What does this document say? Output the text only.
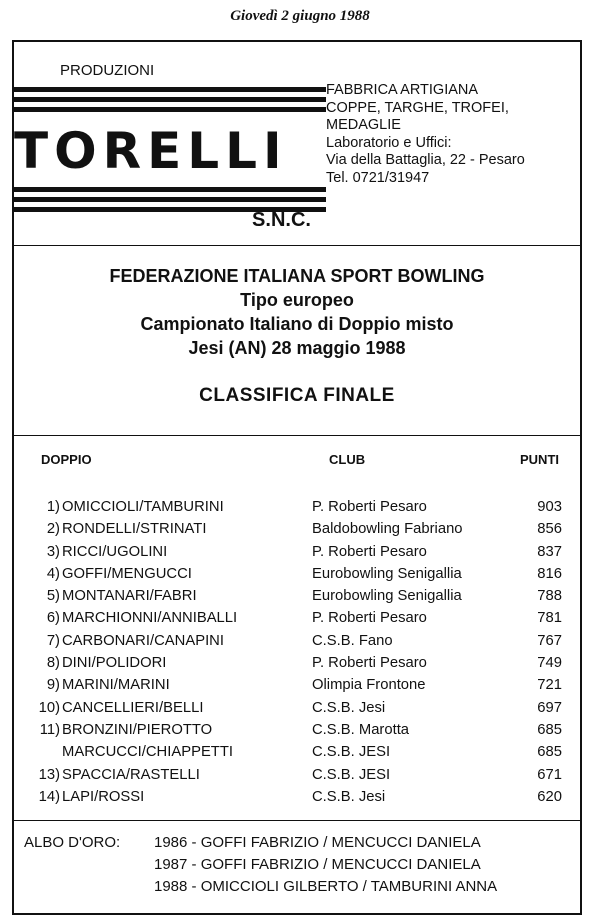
Giovedì 2 giugno 1988
PRODUZIONI
TORELLI
FABBRICA ARTIGIANA
COPPE, TARGHE, TROFEI,
MEDAGLIE
Laboratorio e Uffici:
Via della Battaglia, 22 - Pesaro
Tel. 0721/31947
S.N.C.
FEDERAZIONE ITALIANA SPORT BOWLING
Tipo europeo
Campionato Italiano di Doppio misto
Jesi (AN) 28 maggio 1988
CLASSIFICA FINALE
DOPPIO	CLUB	PUNTI
1) OMICCIOLI/TAMBURINI	P. Roberti Pesaro	903
2) RONDELLI/STRINATI	Baldobowling Fabriano	856
3) RICCI/UGOLINI	P. Roberti Pesaro	837
4) GOFFI/MENGUCCI	Eurobowling Senigallia	816
5) MONTANARI/FABRI	Eurobowling Senigallia	788
6) MARCHIONNI/ANNIBALLI	P. Roberti Pesaro	781
7) CARBONARI/CANAPINI	C.S.B. Fano	767
8) DINI/POLIDORI	P. Roberti Pesaro	749
9) MARINI/MARINI	Olimpia Frontone	721
10) CANCELLIERI/BELLI	C.S.B. Jesi	697
11) BRONZINI/PIEROTTO	C.S.B. Marotta	685
MARCUCCI/CHIAPPETTI	C.S.B. JESI	685
13) SPACCIA/RASTELLI	C.S.B. JESI	671
14) LAPI/ROSSI	C.S.B. Jesi	620
ALBO D'ORO: 1986 - GOFFI FABRIZIO / MENCUCCI DANIELA
1987 - GOFFI FABRIZIO / MENCUCCI DANIELA
1988 - OMICCIOLI GILBERTO / TAMBURINI ANNA
